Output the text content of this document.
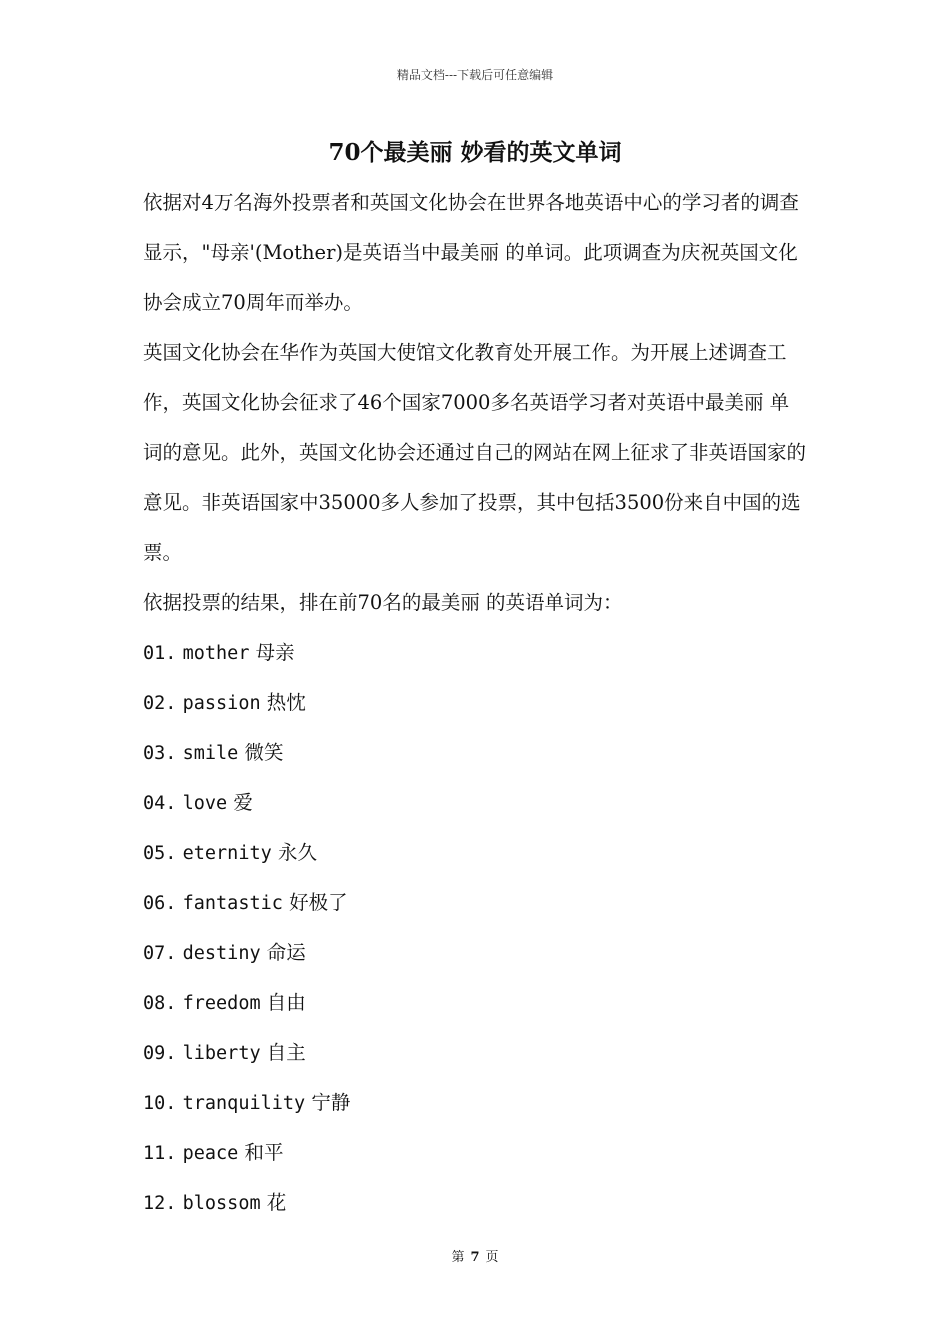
精品文档---下载后可任意编辑
70个最美丽 妙看的英文单词

依据对4万名海外投票者和英国文化协会在世界各地英语中心的学习者的调查显示，"母亲'(Mother)是英语当中最美丽 的单词。此项调查为庆祝英国文化协会成立70周年而举办。

英国文化协会在华作为英国大使馆文化教育处开展工作。为开展上述调查工作，英国文化协会征求了46个国家7000多名英语学习者对英语中最美丽 单词的意见。此外，英国文化协会还通过自己的网站在网上征求了非英语国家的意见。非英语国家中35000多人参加了投票，其中包括3500份来自中国的选票。

依据投票的结果，排在前70名的最美丽 的英语单词为：

01. mother 母亲
02. passion 热忱
03. smile 微笑
04. love 爱
05. eternity 永久
06. fantastic 好极了
07. destiny 命运
08. freedom 自由
09. liberty 自主
10. tranquility 宁静
11. peace 和平
12. blossom 花
第 7 页
